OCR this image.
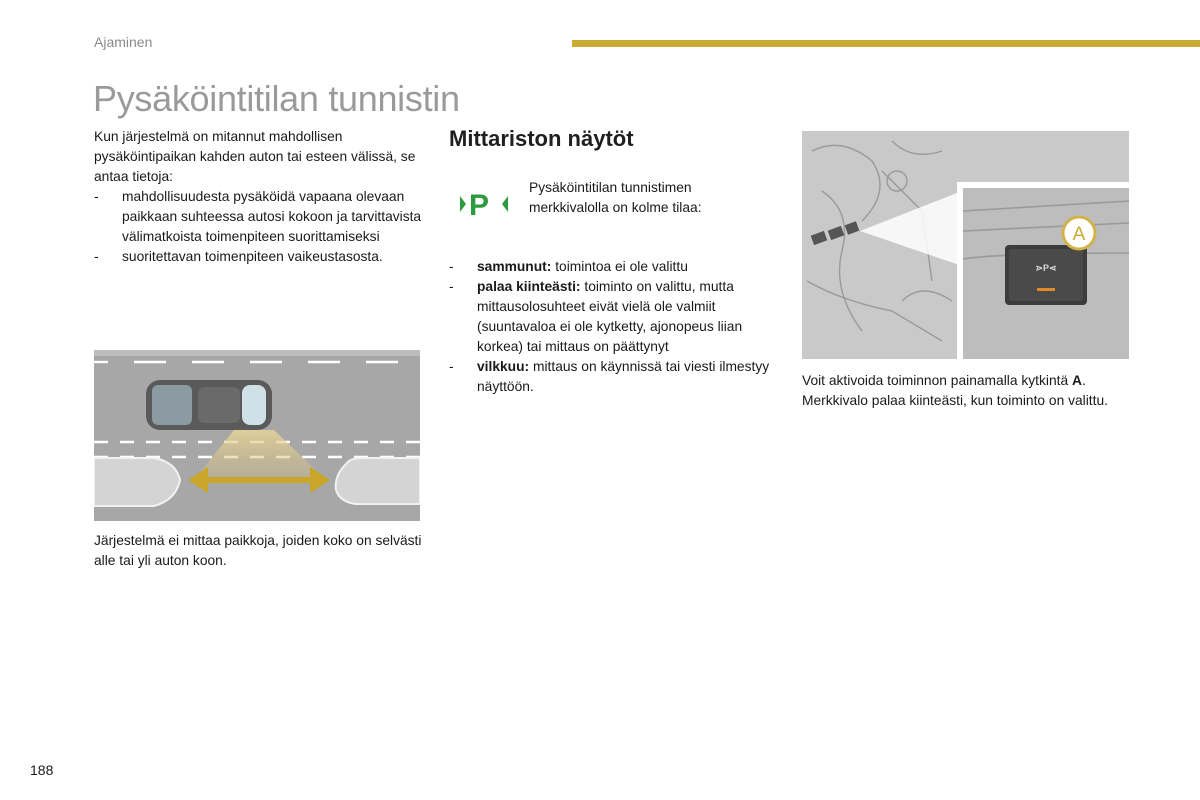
Ajaminen
Pysäköintitilan tunnistin
Kun järjestelmä on mitannut mahdollisen pysäköintipaikan kahden auton tai esteen välissä, se antaa tietoja:
- mahdollisuudesta pysäköidä vapaana olevaan paikkaan suhteessa autosi kokoon ja tarvittavista välimatkoista toimenpiteen suorittamiseksi
- suoritettavan toimenpiteen vaikeustasosta.
Järjestelmä ei mittaa paikkoja, joiden koko on selvästi alle tai yli auton koon.
Mittariston näytöt
P
Pysäköintitilan tunnistimen merkkivalolla on kolme tilaa:
- sammunut: toimintoa ei ole valittu
- palaa kiinteästi: toiminto on valittu, mutta mittausolosuhteet eivät vielä ole valmiit (suuntavaloa ei ole kytketty, ajonopeus liian korkea) tai mittaus on päättynyt
- vilkkuu: mittaus on käynnissä tai viesti ilmestyy näyttöön.
⋗P⋖
A
Voit aktivoida toiminnon painamalla kytkintä A. Merkkivalo palaa kiinteästi, kun toiminto on valittu.
188
